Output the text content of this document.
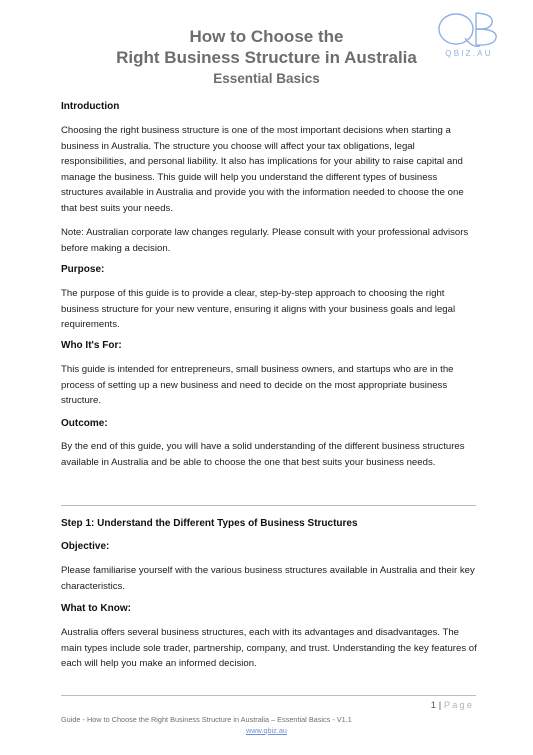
How to Choose the
Right Business Structure in Australia
Essential Basics
QBIZ.AU
Introduction
Choosing the right business structure is one of the most important decisions when starting a business in Australia. The structure you choose will affect your tax obligations, legal responsibilities, and personal liability. It also has implications for your ability to raise capital and manage the business. This guide will help you understand the different types of business structures available in Australia and provide you with the information needed to choose the one that best suits your needs.
Note: Australian corporate law changes regularly. Please consult with your professional advisors before making a decision.
Purpose:
The purpose of this guide is to provide a clear, step-by-step approach to choosing the right business structure for your new venture, ensuring it aligns with your business goals and legal requirements.
Who It's For:
This guide is intended for entrepreneurs, small business owners, and startups who are in the process of setting up a new business and need to decide on the most appropriate business structure.
Outcome:
By the end of this guide, you will have a solid understanding of the different business structures available in Australia and be able to choose the one that best suits your business needs.
Step 1: Understand the Different Types of Business Structures
Objective:
Please familiarise yourself with the various business structures available in Australia and their key characteristics.
What to Know:
Australia offers several business structures, each with its advantages and disadvantages. The main types include sole trader, partnership, company, and trust. Understanding the key features of each will help you make an informed decision.
1 | Page
Guide - How to Choose the Right Business Structure in Australia – Essential Basics - V1.1
www.qbiz.au
